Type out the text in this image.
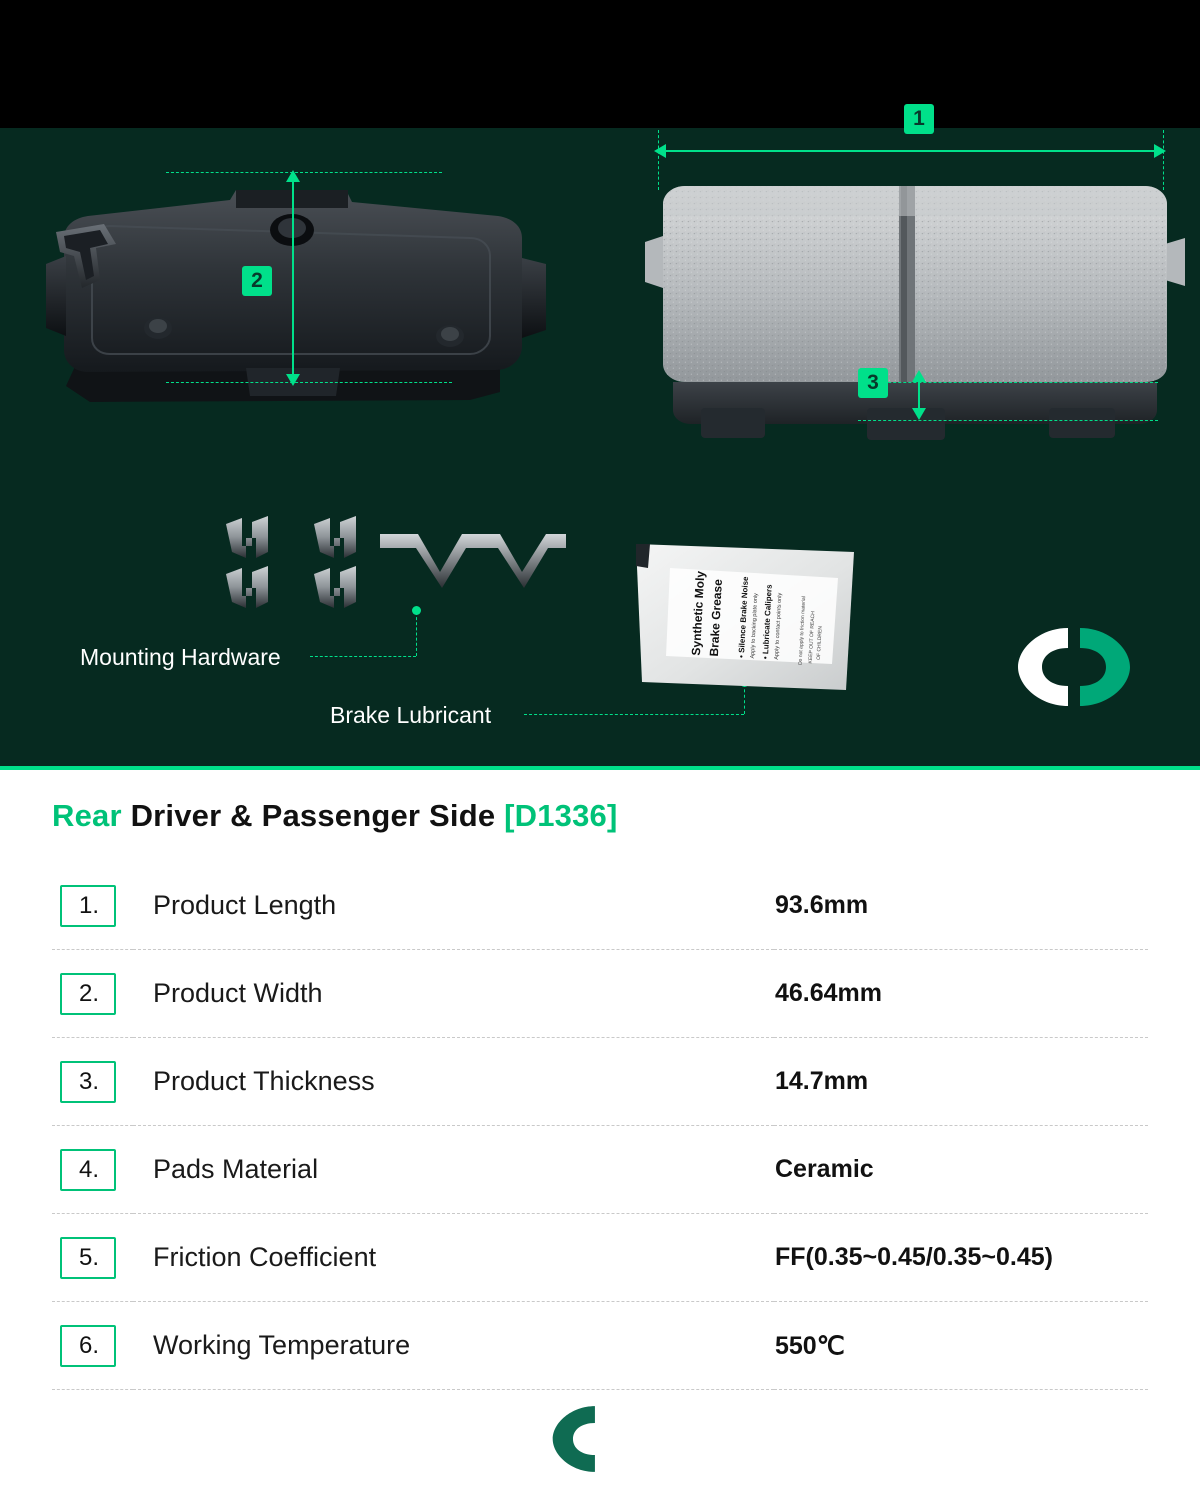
2
1
3
Mounting Hardware
Brake Lubricant
Synthetic Moly Brake Grease • Silence Brake Noise Apply to backing plate only • Lubricate Calipers Apply to contact points only	Do not apply to friction material KEEP OUT OF REACH OF CHILDREN
Rear Driver & Passenger Side [D1336]
1.	Product Length	93.6mm
2.	Product Width	46.64mm
3.	Product Thickness	14.7mm
4.	Pads Material	Ceramic
5.	Friction Coefficient	FF(0.35~0.45/0.35~0.45)
6.	Working Temperature	550℃
